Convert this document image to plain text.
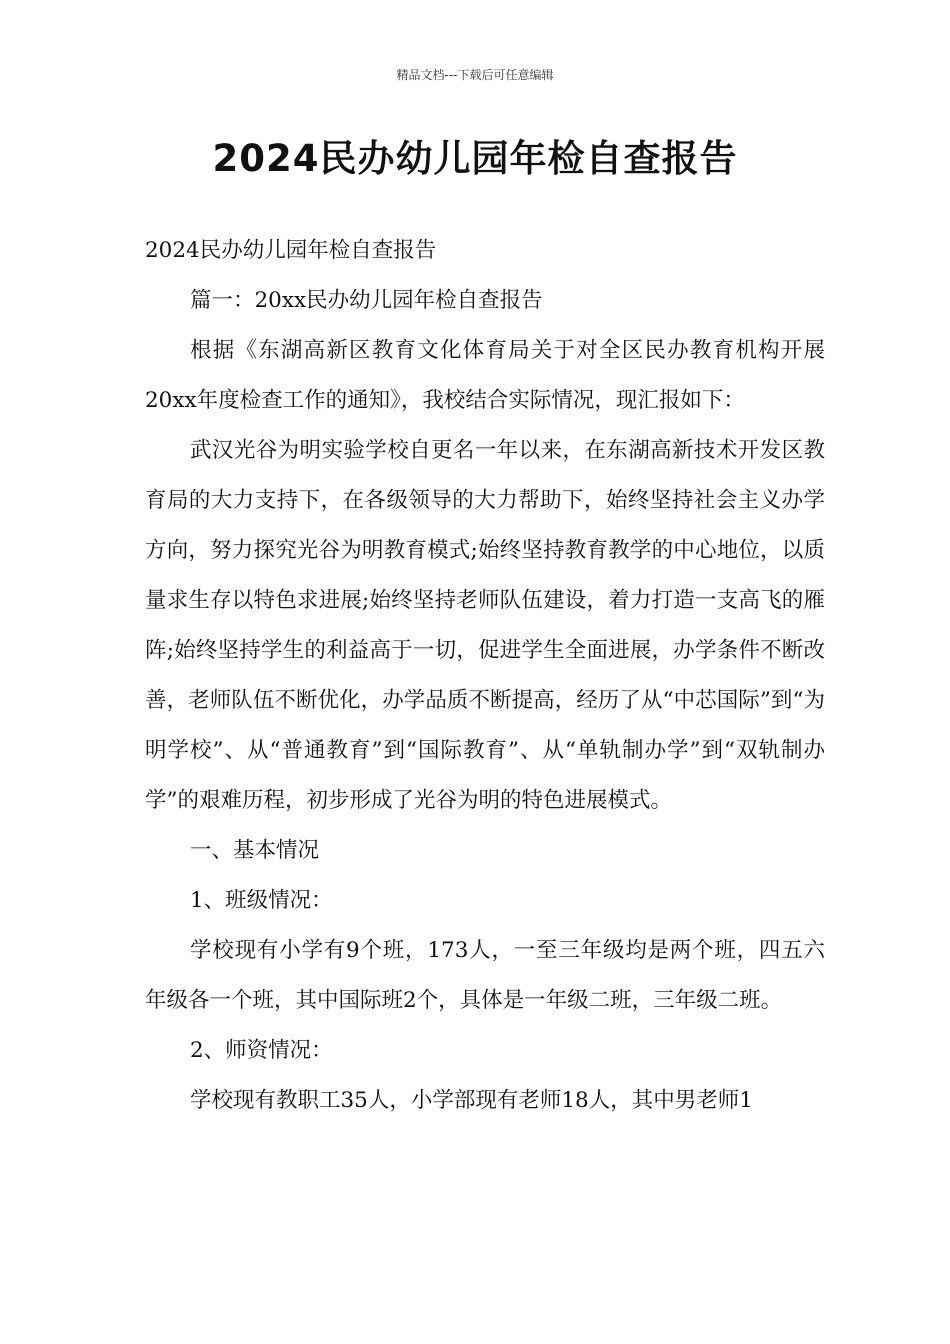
精品文档---下载后可任意编辑
2024民办幼儿园年检自查报告

2024民办幼儿园年检自查报告

篇一：20xx民办幼儿园年检自查报告

根据《东湖高新区教育文化体育局关于对全区民办教育机构开展20xx年度检查工作的通知》，我校结合实际情况，现汇报如下：

武汉光谷为明实验学校自更名一年以来，在东湖高新技术开发区教育局的大力支持下，在各级领导的大力帮助下，始终坚持社会主义办学方向，努力探究光谷为明教育模式;始终坚持教育教学的中心地位，以质量求生存以特色求进展;始终坚持老师队伍建设，着力打造一支高飞的雁阵;始终坚持学生的利益高于一切，促进学生全面进展，办学条件不断改善，老师队伍不断优化，办学品质不断提高，经历了从“中芯国际”到“为明学校”、从“普通教育”到“国际教育”、从“单轨制办学”到“双轨制办学”的艰难历程，初步形成了光谷为明的特色进展模式。

一、基本情况

1、班级情况：

学校现有小学有9个班，173人，一至三年级均是两个班，四五六年级各一个班，其中国际班2个，具体是一年级二班，三年级二班。

2、师资情况：

学校现有教职工35人，小学部现有老师18人，其中男老师1
